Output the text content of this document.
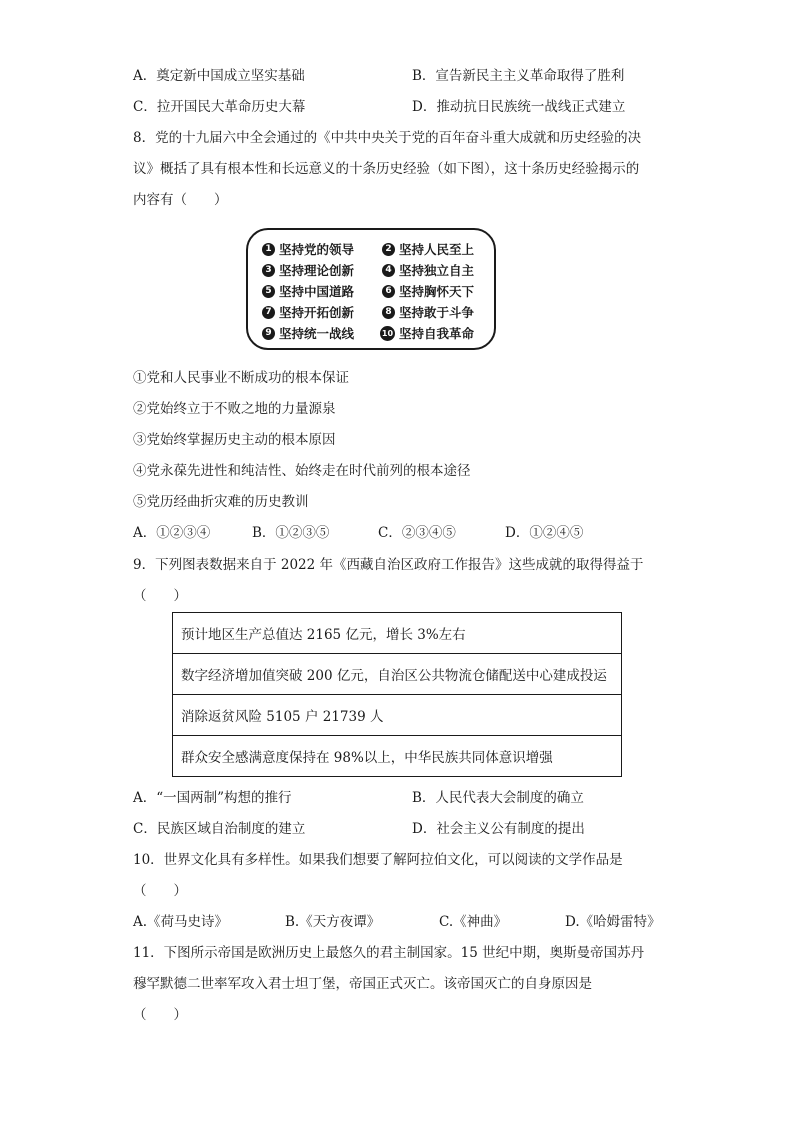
A．奠定新中国成立坚实基础	B．宣告新民主主义革命取得了胜利
C．拉开国民大革命历史大幕	D．推动抗日民族统一战线正式建立
8．党的十九届六中全会通过的《中共中央关于党的百年奋斗重大成就和历史经验的决
议》概括了具有根本性和长远意义的十条历史经验（如下图），这十条历史经验揭示的
内容有（　　）
1 坚持党的领导	2 坚持人民至上
3 坚持理论创新	4 坚持独立自主
5 坚持中国道路	6 坚持胸怀天下
7 坚持开拓创新	8 坚持敢于斗争
9 坚持统一战线	10 坚持自我革命
①党和人民事业不断成功的根本保证
②党始终立于不败之地的力量源泉
③党始终掌握历史主动的根本原因
④党永葆先进性和纯洁性、始终走在时代前列的根本途径
⑤党历经曲折灾难的历史教训
A．①②③④	B．①②③⑤	C．②③④⑤	D．①②④⑤
9．下列图表数据来自于 2022 年《西藏自治区政府工作报告》这些成就的取得得益于
（　　）
预计地区生产总值达 2165 亿元，增长 3%左右
数字经济增加值突破 200 亿元，自治区公共物流仓储配送中心建成投运
消除返贫风险 5105 户 21739 人
群众安全感满意度保持在 98%以上，中华民族共同体意识增强
A．“一国两制”构想的推行	B．人民代表大会制度的确立
C．民族区域自治制度的建立	D．社会主义公有制度的提出
10．世界文化具有多样性。如果我们想要了解阿拉伯文化，可以阅读的文学作品是
（　　）
A.《荷马史诗》	B.《天方夜谭》	C.《神曲》	D.《哈姆雷特》
11．下图所示帝国是欧洲历史上最悠久的君主制国家。15 世纪中期，奥斯曼帝国苏丹
穆罕默德二世率军攻入君士坦丁堡，帝国正式灭亡。该帝国灭亡的自身原因是
（　　）
